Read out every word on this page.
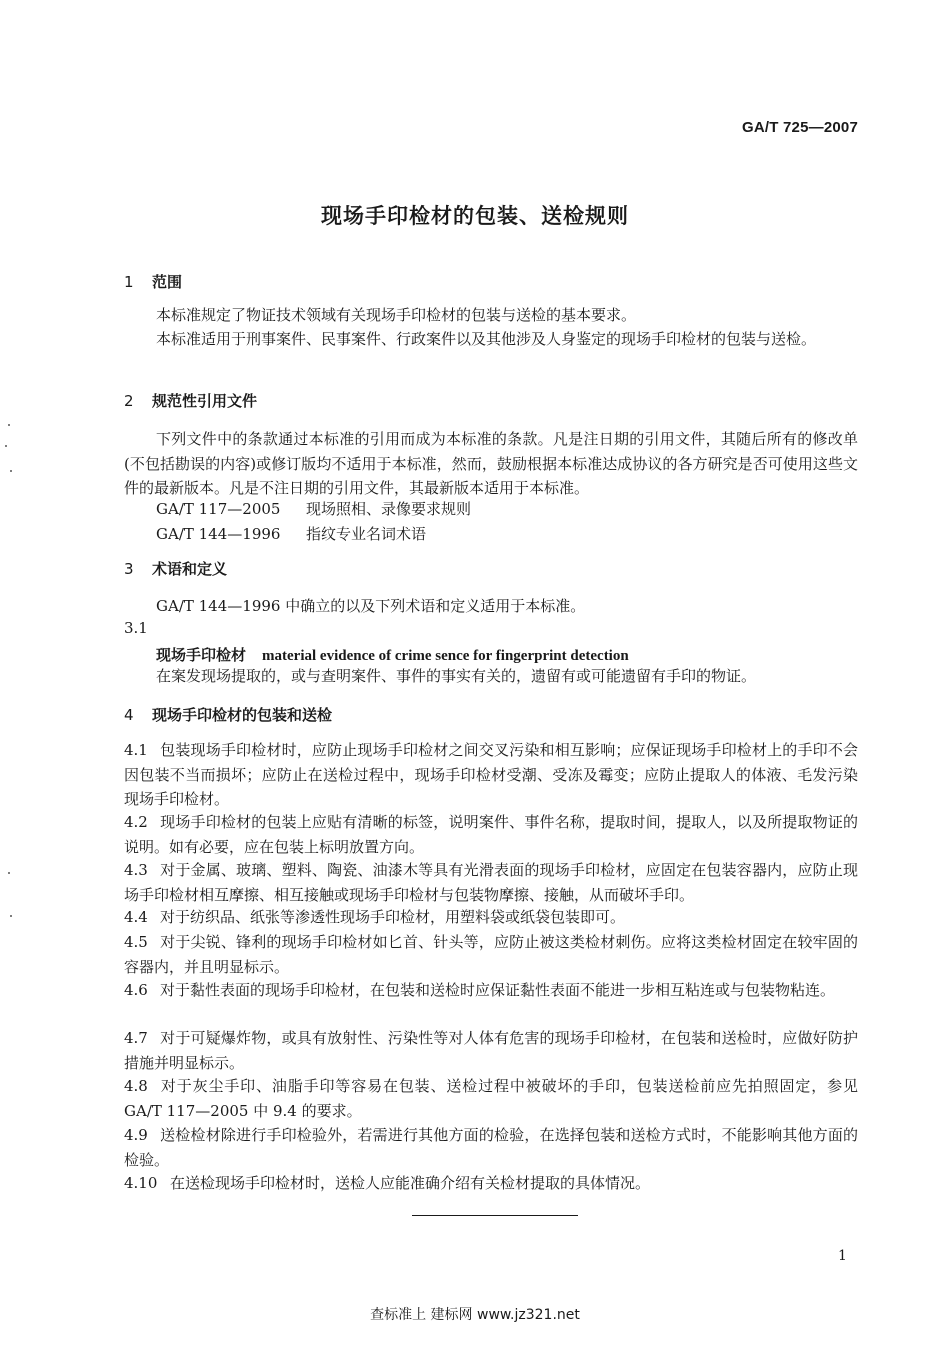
GA/T 725—2007
现场手印检材的包装、送检规则
1 范围
本标准规定了物证技术领域有关现场手印检材的包装与送检的基本要求。
本标准适用于刑事案件、民事案件、行政案件以及其他涉及人身鉴定的现场手印检材的包装与送检。
2 规范性引用文件
下列文件中的条款通过本标准的引用而成为本标准的条款。凡是注日期的引用文件，其随后所有的修改单(不包括勘误的内容)或修订版均不适用于本标准，然而，鼓励根据本标准达成协议的各方研究是否可使用这些文件的最新版本。凡是不注日期的引用文件，其最新版本适用于本标准。
GA/T 117—2005 现场照相、录像要求规则
GA/T 144—1996 指纹专业名词术语
3 术语和定义
GA/T 144—1996 中确立的以及下列术语和定义适用于本标准。
3.1
现场手印检材 material evidence of crime sence for fingerprint detection
在案发现场提取的，或与查明案件、事件的事实有关的，遗留有或可能遗留有手印的物证。
4 现场手印检材的包装和送检
4.1 包装现场手印检材时，应防止现场手印检材之间交叉污染和相互影响；应保证现场手印检材上的手印不会因包装不当而损坏；应防止在送检过程中，现场手印检材受潮、受冻及霉变；应防止提取人的体液、毛发污染现场手印检材。
4.2 现场手印检材的包装上应贴有清晰的标签，说明案件、事件名称，提取时间，提取人，以及所提取物证的说明。如有必要，应在包装上标明放置方向。
4.3 对于金属、玻璃、塑料、陶瓷、油漆木等具有光滑表面的现场手印检材，应固定在包装容器内，应防止现场手印检材相互摩擦、相互接触或现场手印检材与包装物摩擦、接触，从而破坏手印。
4.4 对于纺织品、纸张等渗透性现场手印检材，用塑料袋或纸袋包装即可。
4.5 对于尖锐、锋利的现场手印检材如匕首、针头等，应防止被这类检材刺伤。应将这类检材固定在较牢固的容器内，并且明显标示。
4.6 对于黏性表面的现场手印检材，在包装和送检时应保证黏性表面不能进一步相互粘连或与包装物粘连。
4.7 对于可疑爆炸物，或具有放射性、污染性等对人体有危害的现场手印检材，在包装和送检时，应做好防护措施并明显标示。
4.8 对于灰尘手印、油脂手印等容易在包装、送检过程中被破坏的手印，包装送检前应先拍照固定，参见 GA/T 117—2005 中 9.4 的要求。
4.9 送检检材除进行手印检验外，若需进行其他方面的检验，在选择包装和送检方式时，不能影响其他方面的检验。
4.10 在送检现场手印检材时，送检人应能准确介绍有关检材提取的具体情况。
1
查标准上 建标网 www.jz321.net
